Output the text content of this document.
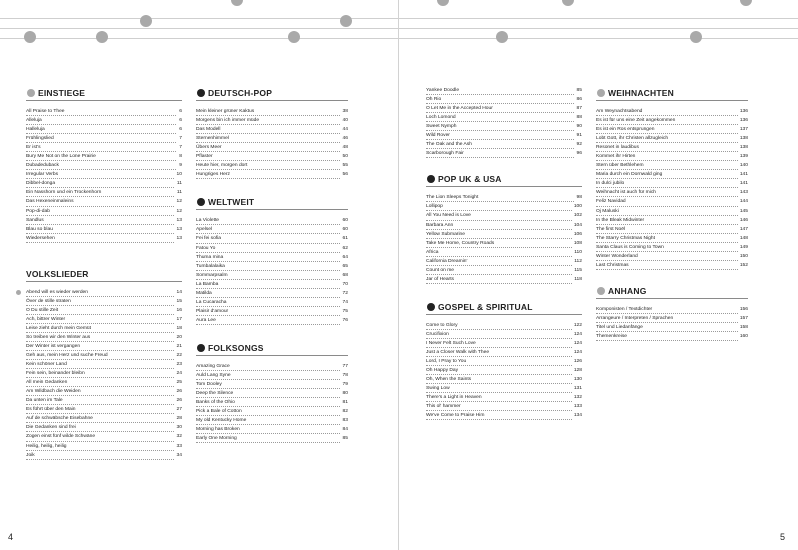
EINSTIEGE
All Praise to Thee	6
Alleluja	6
Halleluja	6
Frühlingslied	7
Er ist's	7
Bury Me Not on the Lone Prairie	8
Dubadeduback	9
Irregular Verbs	10
Dibbel-donga	11
Ein Nasshorn und ein Trockenhorn	11
Das Hexeneinmaleins	12
Pop-di-dab	12
Sandlus	13
Blau so blau	13
Wiedersehen	13
VOLKSLIEDER
Abend will es wieder werden	14
Över de stille straten	15
O Du stille Zeit	16
Ach, bittrer Winter	17
Leise zieht durch mein Gemüt	18
So treiben wir den Winter aus	20
Der Winter ist vergangen	21
Geh aus, mein Herz und suche Freud	22
Kein schöner Land	23
Fein sein, beinander bleibn	24
All mein Gedanken	25
Am Wildbach die Weiden	26
Da unten im Tale	26
Es führt über den Main	27
Auf de schwäbsche Eisebahne	28
Die Gedanken sind frei	30
Zogen einst fünf wilde Schwäne	32
Heilig, heilig, heilig	33
Joik	34
DEUTSCH-POP
Mein kleiner grüner Kaktus	38
Morgens bin ich immer müde	40
Das Modell	44
Sternenhimmel	46
Übers Meer	48
Pflaster	50
Heute hier, morgen dort	55
Hungriges Herz	56
WELTWEIT
La Violette	60
Apelsel	60
Fei fei sofia	61
Fatou Yo	62
Thuma mina	64
Tumbalalaika	65
Sommarpsalm	68
La Bamba	70
Matilda	72
La Cucaracha	74
Plaisir d'amour	75
Aura Lee	76
FOLKSONGS
Amazing Grace	77
Auld Lang Syne	78
Tom Dooley	79
Deep the Silence	80
Banks of the Ohio	81
Pick a Bale of Cotton	82
My old Kentucky Home	83
Morning has Broken	84
Early One Morning	85
Yankee Doodle	85
Oh Rio	86
O Let Me in the Accepted Hour	87
Loch Lomond	88
Sweet Nymph	90
Wild Rover	91
The Oak and the Ash	92
Scarborough Fair	96
POP UK & USA
The Lion Sleeps Tonight	98
Lollipop	100
All You Need is Love	102
Barbara Ann	104
Yellow Submarine	106
Take Me Home, Country Roads	108
Africa	110
California Dreamin'	112
Count on me	115
Jar of Hearts	118
GOSPEL & SPIRITUAL
Come to Glory	122
Crucifixion	124
I Never Felt Such Love	124
Just a Closer Walk with Thee	124
Lord, I Pray to You	126
Oh Happy Day	128
Oh, When the Saints	130
Swing Low	131
There's a Light in Heaven	132
This ol' hammer	133
We've Come to Praise Him	134
WEIHNACHTEN
Am Weynachtsabend	136
Es ist für uns eine Zeit angekommen	136
Es ist ein Ros entsprungen	137
Lobt Gott, ihr Christen allzugleich	138
Resonet in laudibus	138
Kommet ihr Hirten	139
Stern über Bethlehem	140
Maria durch ein Dornwald ging	141
In dulci jubilo	141
Weihnacht ist auch für mich	143
Feliz Navidad	144
Oj Maluski	145
In the Bleak Midwinter	146
The first Noël	147
The Starry Christmas Night	148
Santa Claus is Coming to Town	149
Winter Wonderland	150
Last Christmas	152
ANHANG
Komponisten / Textdichter	156
Arrangeure / Interpreten / Sprachen	157
Titel und Liedanfänge	158
Themenkreise	160
4	5
